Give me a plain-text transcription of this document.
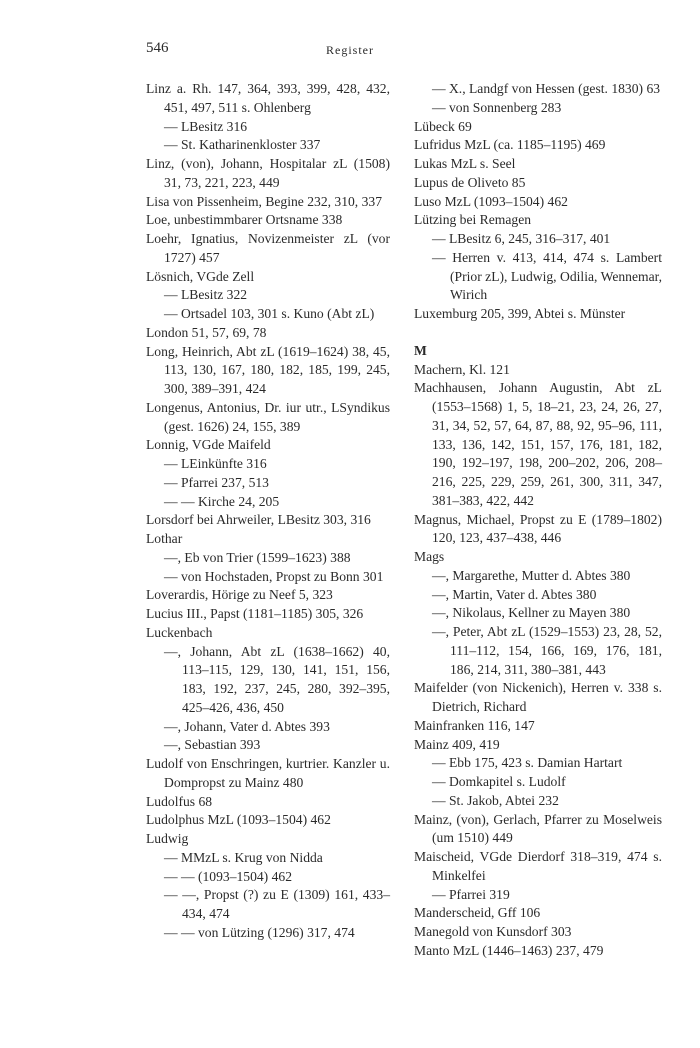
546	Register
Linz a. Rh. 147, 364, 393, 399, 428, 432, 451, 497, 511 s. Ohlenberg
— LBesitz 316
— St. Katharinenkloster 337
Linz, (von), Johann, Hospitalar zL (1508) 31, 73, 221, 223, 449
Lisa von Pissenheim, Begine 232, 310, 337
Loe, unbestimmbarer Ortsname 338
Loehr, Ignatius, Novizenmeister zL (vor 1727) 457
Lösnich, VGde Zell
— LBesitz 322
— Ortsadel 103, 301 s. Kuno (Abt zL)
London 51, 57, 69, 78
Long, Heinrich, Abt zL (1619–1624) 38, 45, 113, 130, 167, 180, 182, 185, 199, 245, 300, 389–391, 424
Longenus, Antonius, Dr. iur utr., LSyndikus (gest. 1626) 24, 155, 389
Lonnig, VGde Maifeld
— LEinkünfte 316
— Pfarrei 237, 513
— — Kirche 24, 205
Lorsdorf bei Ahrweiler, LBesitz 303, 316
Lothar
—, Eb von Trier (1599–1623) 388
— von Hochstaden, Propst zu Bonn 301
Loverardis, Hörige zu Neef 5, 323
Lucius III., Papst (1181–1185) 305, 326
Luckenbach
—, Johann, Abt zL (1638–1662) 40, 113–115, 129, 130, 141, 151, 156, 183, 192, 237, 245, 280, 392–395, 425–426, 436, 450
—, Johann, Vater d. Abtes 393
—, Sebastian 393
Ludolf von Enschringen, kurtrier. Kanzler u. Dompropst zu Mainz 480
Ludolfus 68
Ludolphus MzL (1093–1504) 462
Ludwig
— MMzL s. Krug von Nidda
— — (1093–1504) 462
— —, Propst (?) zu E (1309) 161, 433–434, 474
— — von Lützing (1296) 317, 474
— X., Landgf von Hessen (gest. 1830) 63
— von Sonnenberg 283
Lübeck 69
Lufridus MzL (ca. 1185–1195) 469
Lukas MzL s. Seel
Lupus de Oliveto 85
Luso MzL (1093–1504) 462
Lützing bei Remagen
— LBesitz 6, 245, 316–317, 401
— Herren v. 413, 414, 474 s. Lambert (Prior zL), Ludwig, Odilia, Wennemar, Wirich
Luxemburg 205, 399, Abtei s. Münster
M
Machern, Kl. 121
Machhausen, Johann Augustin, Abt zL (1553–1568) 1, 5, 18–21, 23, 24, 26, 27, 31, 34, 52, 57, 64, 87, 88, 92, 95–96, 111, 133, 136, 142, 151, 157, 176, 181, 182, 190, 192–197, 198, 200–202, 206, 208–216, 225, 229, 259, 261, 300, 311, 347, 381–383, 422, 442
Magnus, Michael, Propst zu E (1789–1802) 120, 123, 437–438, 446
Mags
—, Margarethe, Mutter d. Abtes 380
—, Martin, Vater d. Abtes 380
—, Nikolaus, Kellner zu Mayen 380
—, Peter, Abt zL (1529–1553) 23, 28, 52, 111–112, 154, 166, 169, 176, 181, 186, 214, 311, 380–381, 443
Maifelder (von Nickenich), Herren v. 338 s. Dietrich, Richard
Mainfranken 116, 147
Mainz 409, 419
— Ebb 175, 423 s. Damian Hartart
— Domkapitel s. Ludolf
— St. Jakob, Abtei 232
Mainz, (von), Gerlach, Pfarrer zu Moselweis (um 1510) 449
Maischeid, VGde Dierdorf 318–319, 474 s. Minkelfei
— Pfarrei 319
Manderscheid, Gff 106
Manegold von Kunsdorf 303
Manto MzL (1446–1463) 237, 479
